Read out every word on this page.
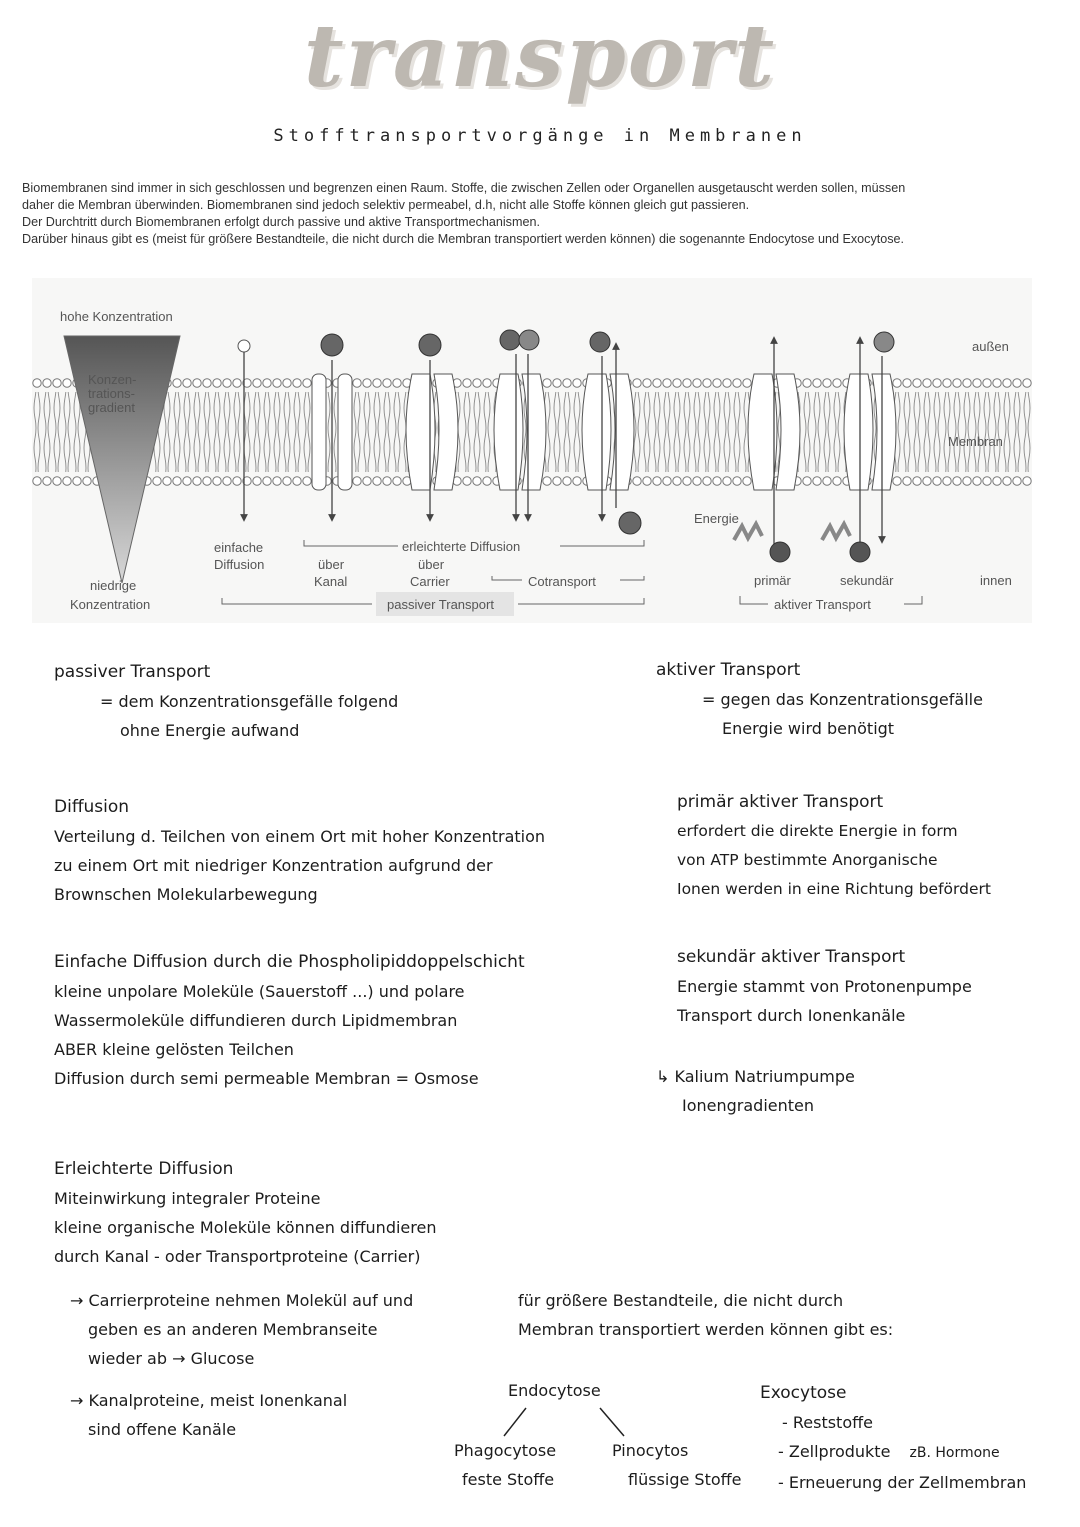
transport
Stofftransportvorgänge in Membranen

Biomembranen sind immer in sich geschlossen und begrenzen einen Raum. Stoffe, die zwischen Zellen oder Organellen ausgetauscht werden sollen, müssen

daher die Membran überwinden. Biomembranen sind jedoch selektiv permeabel, d.h, nicht alle Stoffe können gleich gut passieren.

Der Durchtritt durch Biomembranen erfolgt durch passive und aktive Transportmechanismen.

Darüber hinaus gibt es (meist für größere Bestandteile, die nicht durch die Membran transportiert werden können) die sogenannte Endocytose und Exocytose.

Energie
hohe Konzentration
niedrige
Konzentration
Konzen-
trations-
gradient
außen
Membran
innen
einfache
Diffusion
erleichterte Diffusion
über
Kanal
über
Carrier	Cotransport
passiver Transport
primär	sekundär
aktiver Transport
passiver Transport
= dem Konzentrationsgefälle folgend
ohne Energie aufwand
aktiver Transport
= gegen das Konzentrationsgefälle
Energie wird benötigt
Diffusion
Verteilung d. Teilchen von einem Ort mit hoher Konzentration
zu einem Ort mit niedriger Konzentration aufgrund der
Brownschen Molekularbewegung
primär aktiver Transport
erfordert die direkte Energie in form
von ATP bestimmte Anorganische
Ionen werden in eine Richtung befördert
Einfache Diffusion durch die Phospholipiddoppelschicht
kleine unpolare Moleküle (Sauerstoff ...) und polare
Wassermoleküle diffundieren durch Lipidmembran
ABER kleine gelösten Teilchen
Diffusion durch semi permeable Membran = Osmose
sekundär aktiver Transport
Energie stammt von Protonenpumpe
Transport durch Ionenkanäle
↳ Kalium Natriumpumpe
Ionengradienten
Erleichterte Diffusion
Miteinwirkung integraler Proteine
kleine organische Moleküle können diffundieren
durch Kanal - oder Transportproteine (Carrier)
→ Carrierproteine nehmen Molekül auf und
geben es an anderen Membranseite
wieder ab → Glucose
→ Kanalproteine, meist Ionenkanal
sind offene Kanäle
für größere Bestandteile, die nicht durch
Membran transportiert werden können gibt es:
Endocytose
Phagocytose
feste Stoffe
Pinocytos
flüssige Stoffe
Exocytose
- Reststoffe
- Zellprodukte zB. Hormone
- Erneuerung der Zellmembran
